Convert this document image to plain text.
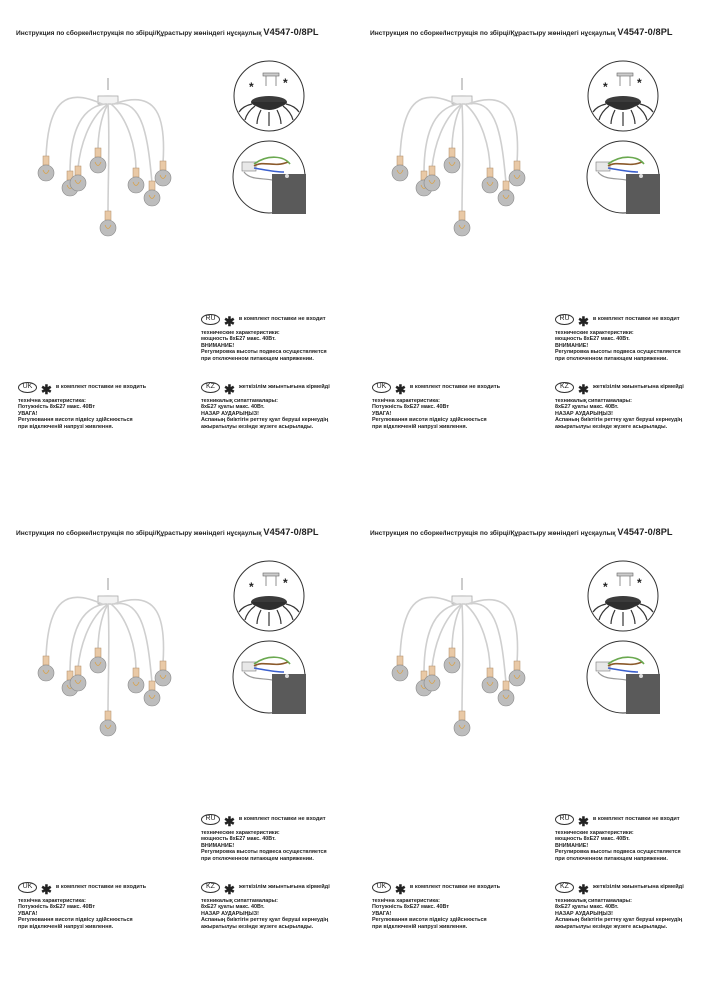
Инструкция по сборке/Інструкція по збірці/Құрастыру жөніндегі нұсқаулық V4547-0/8PL
* *
RU ✱ в комплект поставки не входит
технические характеристики:
мощность 8xE27 макс. 40Вт.
ВНИМАНИЕ!
Регулировка высоты подвеса осуществляется
при отключенном питающем напряжении.
KZ ✱ жеткізілім жиынтығына кірмейді
техникалық сипаттамалары:
8xE27 қуаты макс. 40Вт.
НАЗАР АУДАРЫҢЫЗ!
Аспаның биіктігін реттеу қуат беруші кернеудің
ажыратылуы кезінде жүзеге асырылады.
UK ✱ в комплект поставки не входить
технічна характеристика:
Потужність 8xE27 макс. 40Вт
УВАГА!
Регулювання висоти підвісу здійснюється
при відключеній напрузі живлення.
Инструкция по сборке/Інструкція по збірці/Құрастыру жөніндегі нұсқаулық V4547-0/8PL
* *
RU ✱ в комплект поставки не входит
технические характеристики:
мощность 8xE27 макс. 40Вт.
ВНИМАНИЕ!
Регулировка высоты подвеса осуществляется
при отключенном питающем напряжении.
KZ ✱ жеткізілім жиынтығына кірмейді
техникалық сипаттамалары:
8xE27 қуаты макс. 40Вт.
НАЗАР АУДАРЫҢЫЗ!
Аспаның биіктігін реттеу қуат беруші кернеудің
ажыратылуы кезінде жүзеге асырылады.
UK ✱ в комплект поставки не входить
технічна характеристика:
Потужність 8xE27 макс. 40Вт
УВАГА!
Регулювання висоти підвісу здійснюється
при відключеній напрузі живлення.
Инструкция по сборке/Інструкція по збірці/Құрастыру жөніндегі нұсқаулық V4547-0/8PL
* *
RU ✱ в комплект поставки не входит
технические характеристики:
мощность 8xE27 макс. 40Вт.
ВНИМАНИЕ!
Регулировка высоты подвеса осуществляется
при отключенном питающем напряжении.
KZ ✱ жеткізілім жиынтығына кірмейді
техникалық сипаттамалары:
8xE27 қуаты макс. 40Вт.
НАЗАР АУДАРЫҢЫЗ!
Аспаның биіктігін реттеу қуат беруші кернеудің
ажыратылуы кезінде жүзеге асырылады.
UK ✱ в комплект поставки не входить
технічна характеристика:
Потужність 8xE27 макс. 40Вт
УВАГА!
Регулювання висоти підвісу здійснюється
при відключеній напрузі живлення.
Инструкция по сборке/Інструкція по збірці/Құрастыру жөніндегі нұсқаулық V4547-0/8PL
* *
RU ✱ в комплект поставки не входит
технические характеристики:
мощность 8xE27 макс. 40Вт.
ВНИМАНИЕ!
Регулировка высоты подвеса осуществляется
при отключенном питающем напряжении.
KZ ✱ жеткізілім жиынтығына кірмейді
техникалық сипаттамалары:
8xE27 қуаты макс. 40Вт.
НАЗАР АУДАРЫҢЫЗ!
Аспаның биіктігін реттеу қуат беруші кернеудің
ажыратылуы кезінде жүзеге асырылады.
UK ✱ в комплект поставки не входить
технічна характеристика:
Потужність 8xE27 макс. 40Вт
УВАГА!
Регулювання висоти підвісу здійснюється
при відключеній напрузі живлення.
